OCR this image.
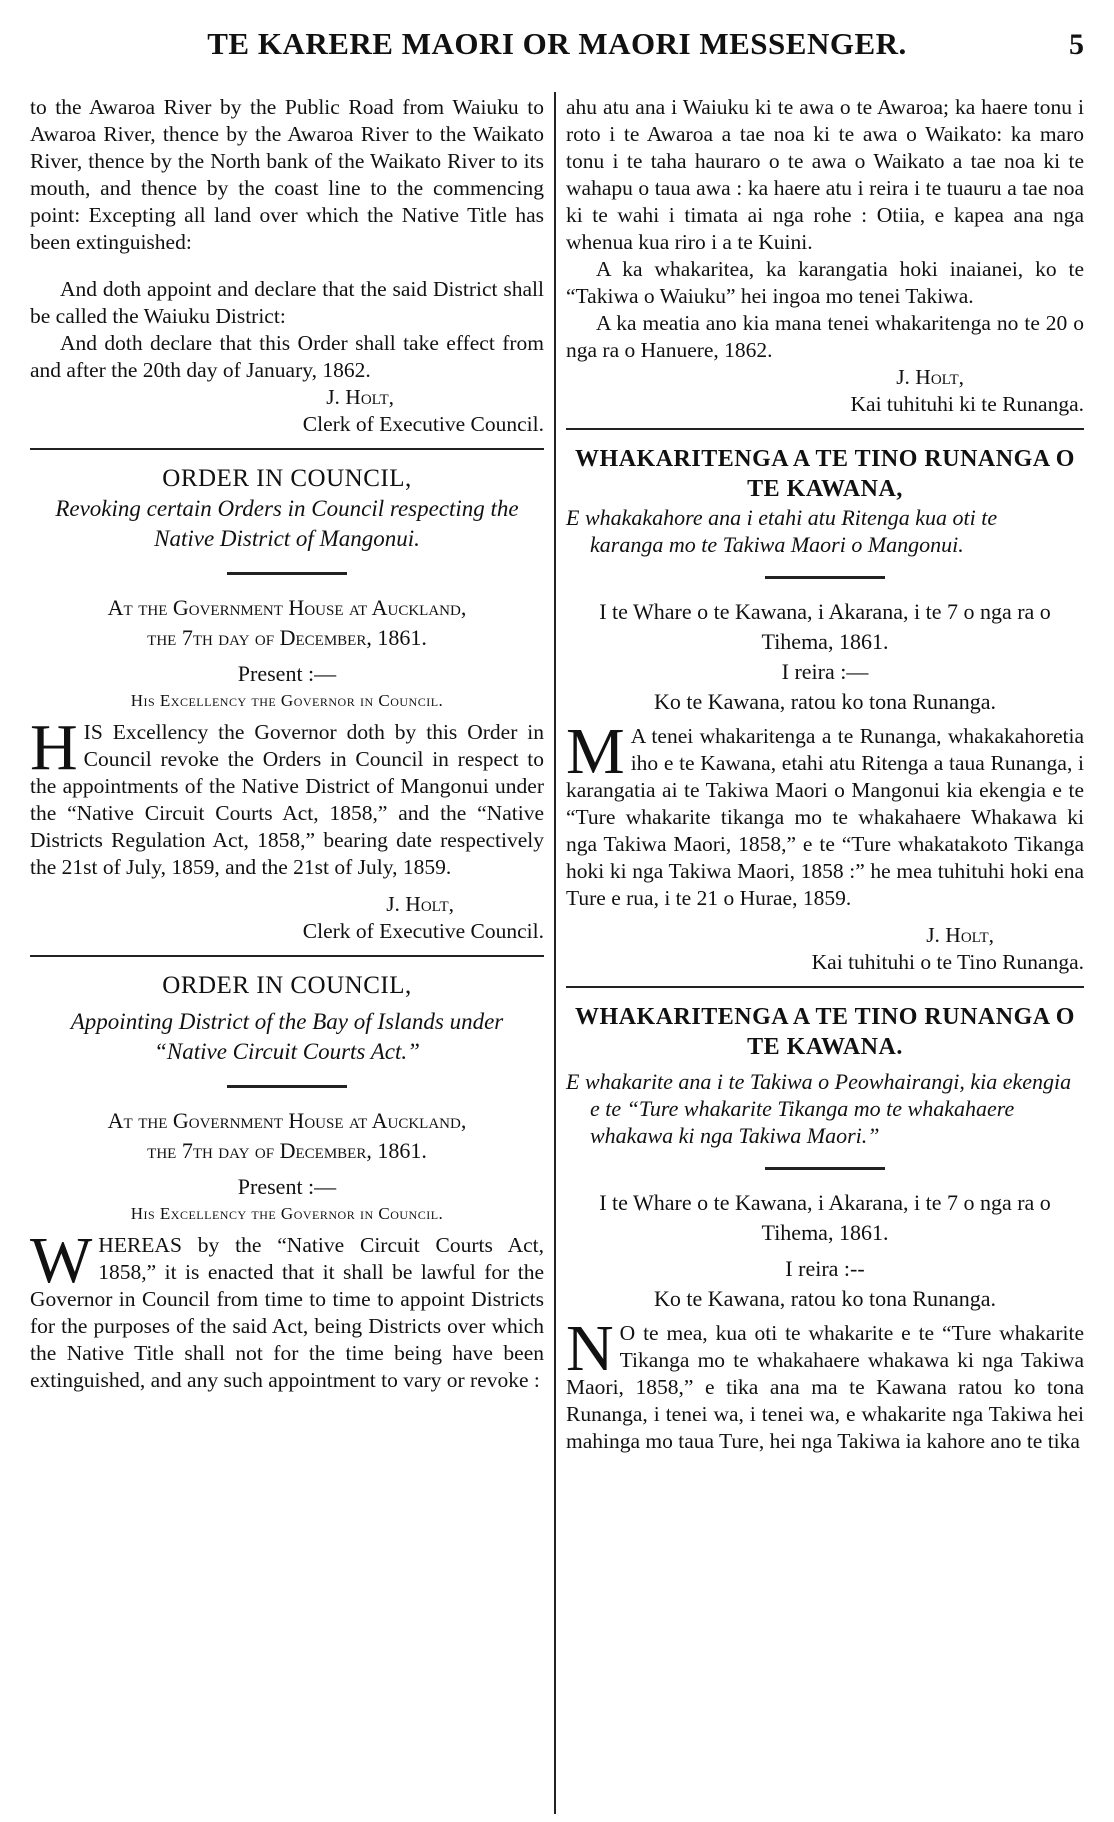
TE KARERE MAORI OR MAORI MESSENGER.	5

to the Awaroa River by the Public Road from Waiuku to Awaroa River, thence by the Awaroa River to the Waikato River, thence by the North bank of the Waikato River to its mouth, and thence by the coast line to the commencing point: Excepting all land over which the Native Title has been extinguished:

And doth appoint and declare that the said District shall be called the Waiuku District:

And doth declare that this Order shall take effect from and after the 20th day of January, 1862.

J. Holt,
Clerk of Executive Council.
ORDER IN COUNCIL,
Revoking certain Orders in Council respecting the Native District of Mangonui.
At the Government House at Auckland,
the 7th day of December, 1861.
Present :—
His Excellency the Governor in Council.

HIS Excellency the Governor doth by this Order in Council revoke the Orders in Council in respect to the appointments of the Native District of Mangonui under the “Native Circuit Courts Act, 1858,” and the “Native Districts Regulation Act, 1858,” bearing date respectively the 21st of July, 1859, and the 21st of July, 1859.

J. Holt,
Clerk of Executive Council.
ORDER IN COUNCIL,
Appointing District of the Bay of Islands under “Native Circuit Courts Act.”
At the Government House at Auckland,
the 7th day of December, 1861.
Present :—
His Excellency the Governor in Council.

WHEREAS by the “Native Circuit Courts Act, 1858,” it is enacted that it shall be lawful for the Governor in Council from time to time to appoint Districts for the purposes of the said Act, being Districts over which the Native Title shall not for the time being have been extinguished, and any such appointment to vary or revoke :

ahu atu ana i Waiuku ki te awa o te Awaroa; ka haere tonu i roto i te Awaroa a tae noa ki te awa o Waikato: ka maro tonu i te taha hauraro o te awa o Waikato a tae noa ki te wahapu o taua awa : ka haere atu i reira i te tuauru a tae noa ki te wahi i timata ai nga rohe : Otiia, e kapea ana nga whenua kua riro i a te Kuini.

A ka whakaritea, ka karangatia hoki inaianei, ko te “Takiwa o Waiuku” hei ingoa mo tenei Takiwa.

A ka meatia ano kia mana tenei whakaritenga no te 20 o nga ra o Hanuere, 1862.

J. Holt,
Kai tuhituhi ki te Runanga.
WHAKARITENGA A TE TINO RUNANGA O TE KAWANA,
E whakakahore ana i etahi atu Ritenga kua oti te karanga mo te Takiwa Maori o Mangonui.

I te Whare o te Kawana, i Akarana, i te 7 o nga ra o Tihema, 1861.

I reira :—
Ko te Kawana, ratou ko tona Runanga.

M A tenei whakaritenga a te Runanga, whakakahoretia iho e te Kawana, etahi atu Ritenga a taua Runanga, i karangatia ai te Takiwa Maori o Mangonui kia ekengia e te “Ture whakarite tikanga mo te whakahaere Whakawa ki nga Takiwa Maori, 1858,” e te “Ture whakatakoto Tikanga hoki ki nga Takiwa Maori, 1858 :” he mea tuhituhi hoki ena Ture e rua, i te 21 o Hurae, 1859.

J. Holt,
Kai tuhituhi o te Tino Runanga.
WHAKARITENGA A TE TINO RUNANGA O TE KAWANA.
E whakarite ana i te Takiwa o Peowhairangi, kia ekengia e te “Ture whakarite Tikanga mo te whakahaere whakawa ki nga Takiwa Maori.”

I te Whare o te Kawana, i Akarana, i te 7 o nga ra o Tihema, 1861.

I reira :--
Ko te Kawana, ratou ko tona Runanga.

N O te mea, kua oti te whakarite e te “Ture whakarite Tikanga mo te whakahaere whakawa ki nga Takiwa Maori, 1858,” e tika ana ma te Kawana ratou ko tona Runanga, i tenei wa, i tenei wa, e whakarite nga Takiwa hei mahinga mo taua Ture, hei nga Takiwa ia kahore ano te tika
